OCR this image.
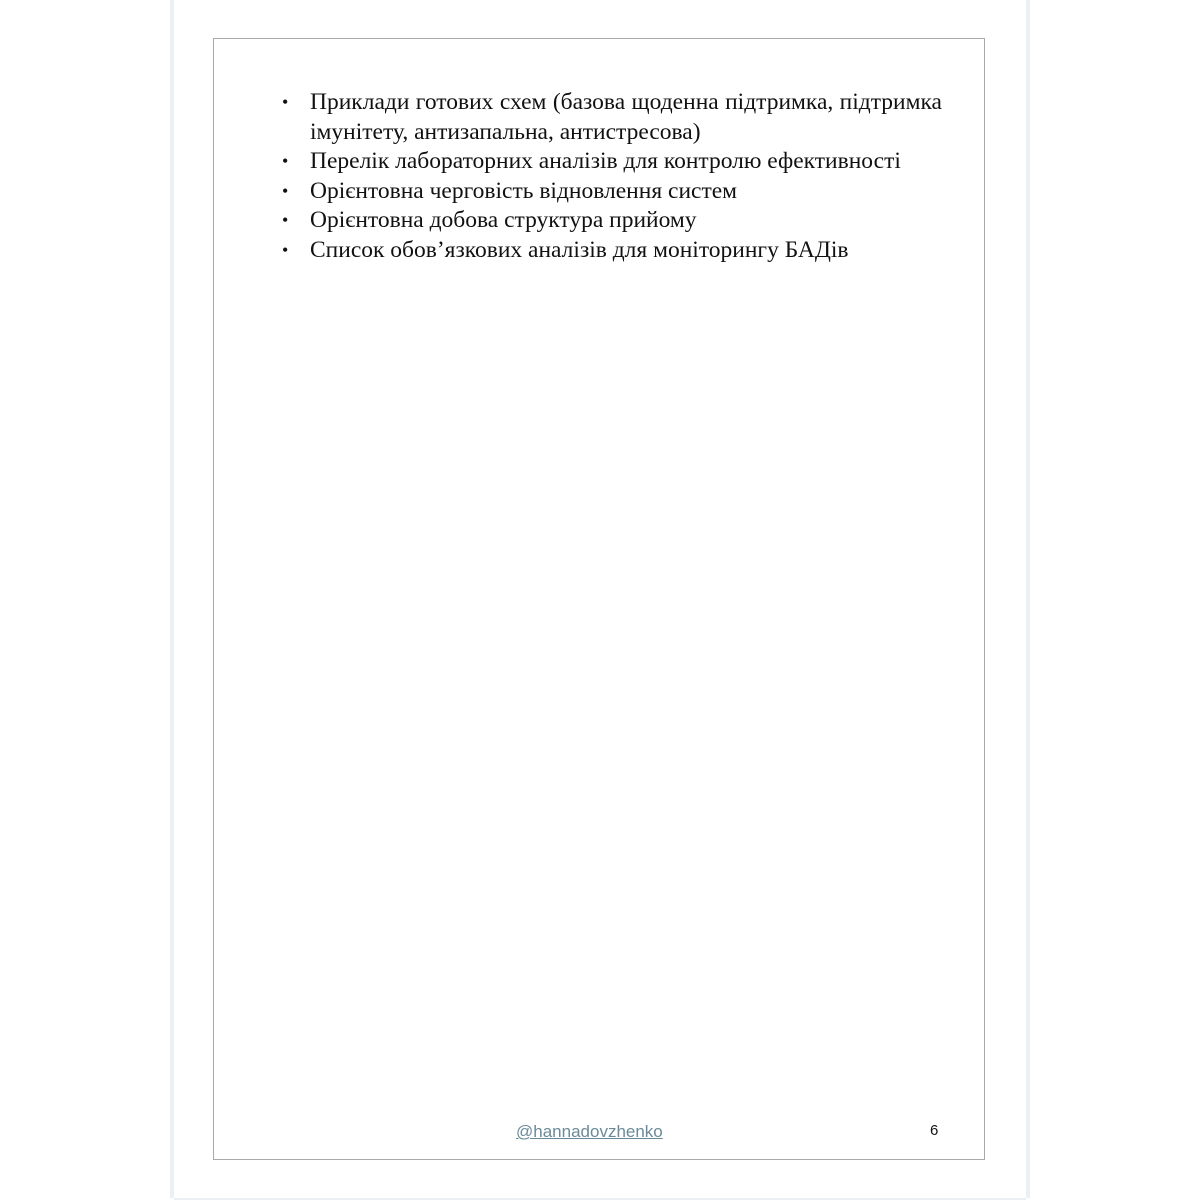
• Приклади готових схем (базова щоденна підтримка, підтримка імунітету, антизапальна, антистресова)
• Перелік лабораторних аналізів для контролю ефективності
• Орієнтовна черговість відновлення систем
• Орієнтовна добова структура прийому
• Список обов’язкових аналізів для моніторингу БАДів
@hannadovzhenko	6
